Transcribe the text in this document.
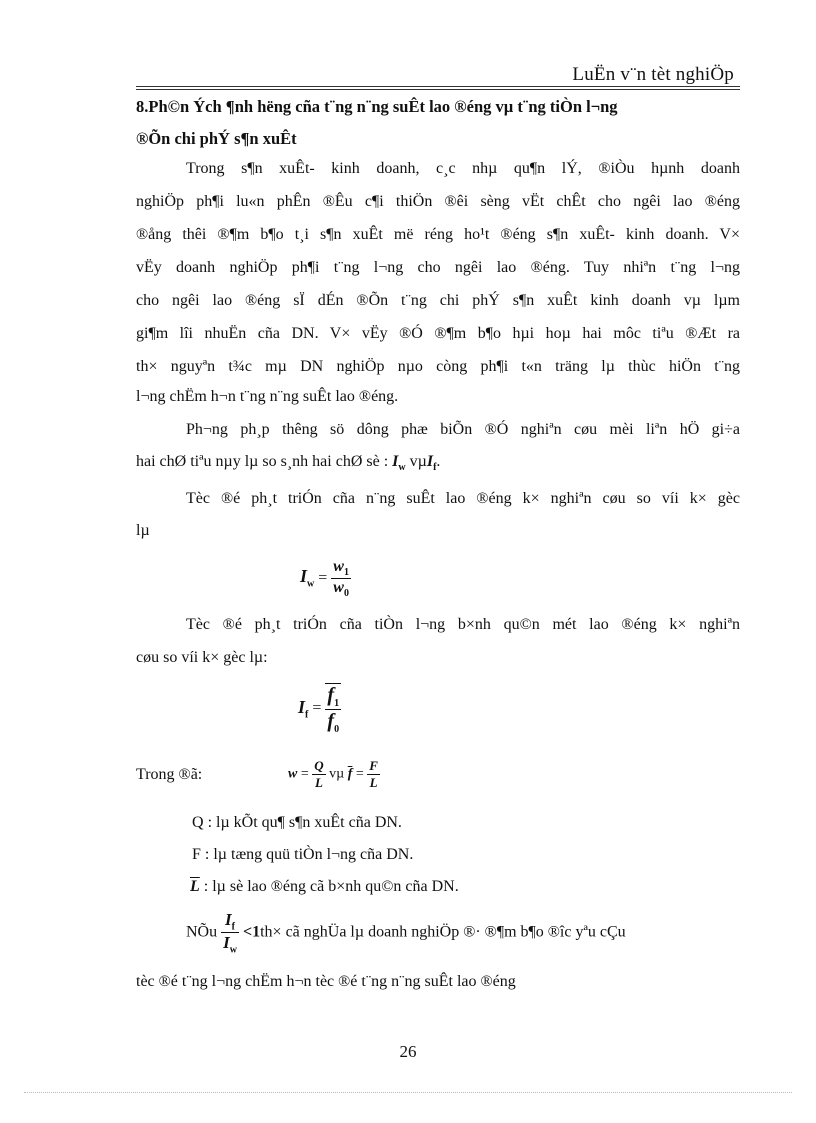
LuËn v¨n tèt nghiÖp
8.Ph©n Ých ¶nh hëng cña t¨ng n¨ng suÊt lao ®éng vµ t¨ng tiÒn l¬ng
®Õn chi phÝ s¶n xuÊt
Trong s¶n xuÊt- kinh doanh, c¸c nhµ qu¶n lÝ, ®iÒu hµnh doanh
nghiÖp ph¶i lu«n phÊn ®Êu c¶i thiÖn ®êi sèng vËt chÊt cho ngêi lao ®éng
®ång thêi ®¶m b¶o t¸i s¶n xuÊt më réng ho¹t ®éng s¶n xuÊt- kinh doanh. V×
vËy doanh nghiÖp ph¶i t¨ng l¬ng cho ngêi lao ®éng. Tuy nhiªn t¨ng l¬ng
cho ngêi lao ®éng sÏ dÉn ®Õn t¨ng chi phÝ s¶n xuÊt kinh doanh vµ lµm
gi¶m lîi nhuËn cña DN. V× vËy ®Ó ®¶m b¶o hµi hoµ hai môc tiªu ®Æt ra
th× nguyªn t¾c mµ DN nghiÖp nµo còng ph¶i t«n träng lµ thùc hiÖn t¨ng
l¬ng chËm h¬n t¨ng n¨ng suÊt lao ®éng.
Ph¬ng ph¸p thêng sö dông phæ biÕn ®Ó nghiªn cøu mèi liªn hÖ gi÷a
hai chØ tiªu nµy lµ so s¸nh hai chØ sè : $I_w$ vµI$_f$.
Tèc ®é ph¸t triÓn cña n¨ng suÊt lao ®éng k× nghiªn cøu so víi k× gèc
lµ
$I_w = \frac{w_1}{w_0}$
Tèc ®é ph¸t triÓn cña tiÒn l¬ng b×nh qu©n mét lao ®éng k× nghiªn
cøu so víi k× gèc lµ:
$I_f = \frac{f_1}{f_0}$
Trong ®ã:	$w = \frac{Q}{L}$ vµ $\overline{f} = \frac{F}{L}$
Q : lµ kÕt qu¶ s¶n xuÊt cña DN.
F : lµ tæng quü tiÒn l¬ng cña DN.
$\overline{L}$ : lµ sè lao ®éng cã b×nh qu©n cña DN.
NÕu $\frac{I_f}{I_w} <1th\times$ cã nghÜa lµ doanh nghiÖp ®· ®¶m b¶o ®îc yªu cÇu
tèc ®é t¨ng l¬ng chËm h¬n tèc ®é t¨ng n¨ng suÊt lao ®éng
26
